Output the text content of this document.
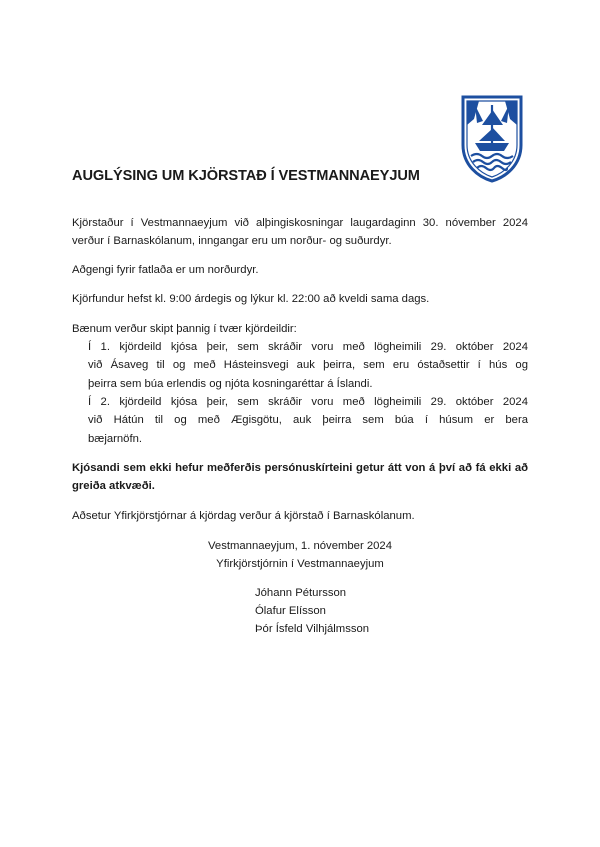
AUGLÝSING UM KJÖRSTAÐ Í VESTMANNAEYJUM
Kjörstaður í Vestmannaeyjum við alþingiskosningar laugardaginn 30. nóvember 2024
verður í Barnaskólanum, inngangar eru um norður- og suðurdyr.
Aðgengi fyrir fatlaða er um norðurdyr.
Kjörfundur hefst kl. 9:00 árdegis og lýkur kl. 22:00 að kveldi sama dags.
Bænum verður skipt þannig í tvær kjördeildir:
Í 1. kjördeild kjósa þeir, sem skráðir voru með lögheimili 29. október 2024
við Ásaveg til og með Hásteinsvegi auk þeirra, sem eru óstaðsettir í hús og
þeirra sem búa erlendis og njóta kosningaréttar á Íslandi.
Í 2. kjördeild kjósa þeir, sem skráðir voru með lögheimili 29. október 2024
við Hátún til og með Ægisgötu, auk þeirra sem búa í húsum er bera
bæjarnöfn.
Kjósandi sem ekki hefur meðferðis persónuskírteini getur átt von á því að fá ekki að
greiða atkvæði.
Aðsetur Yfirkjörstjórnar á kjördag verður á kjörstað í Barnaskólanum.
Vestmannaeyjum, 1. nóvember 2024
Yfirkjörstjórnin í Vestmannaeyjum
Jóhann Pétursson
Ólafur Elísson
Þór Ísfeld Vilhjálmsson
